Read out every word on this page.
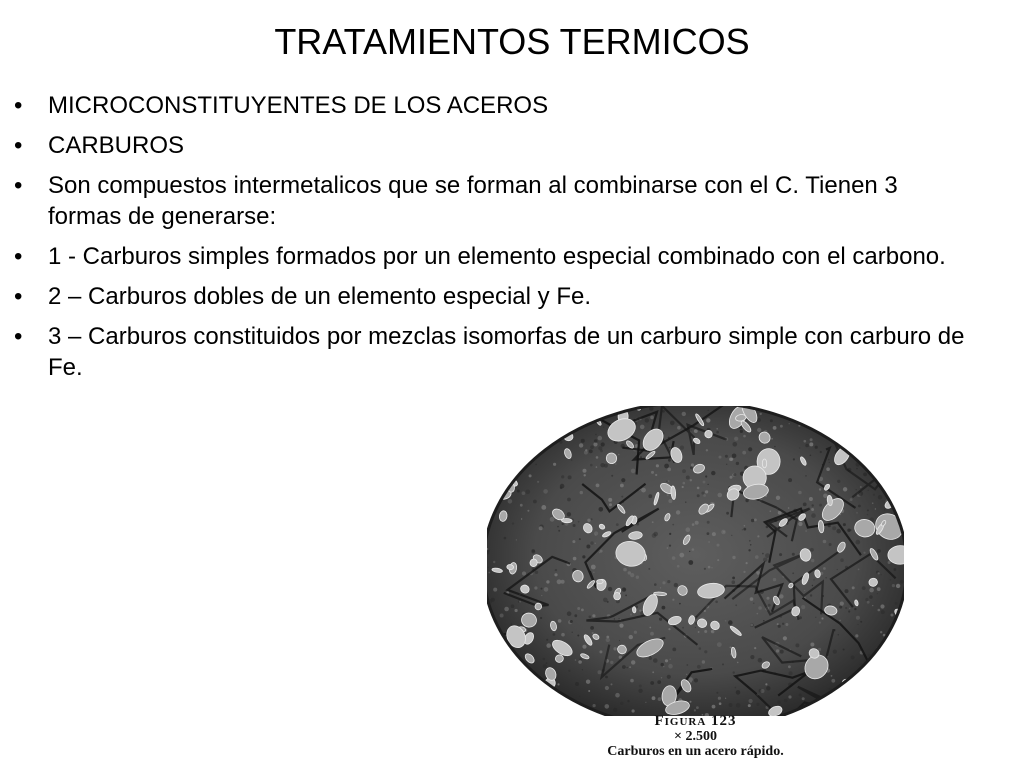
TRATAMIENTOS TERMICOS
• MICROCONSTITUYENTES DE LOS ACEROS
• CARBUROS
• Son compuestos intermetalicos que se forman al combinarse con el C. Tienen 3 formas de generarse:
• 1 - Carburos simples formados por un elemento especial combinado con el carbono.
• 2 – Carburos dobles de un elemento especial y Fe.
• 3 – Carburos constituidos por mezclas isomorfas de un carburo simple con carburo de Fe.

Figura 123

× 2.500

Carburos en un acero rápido.
